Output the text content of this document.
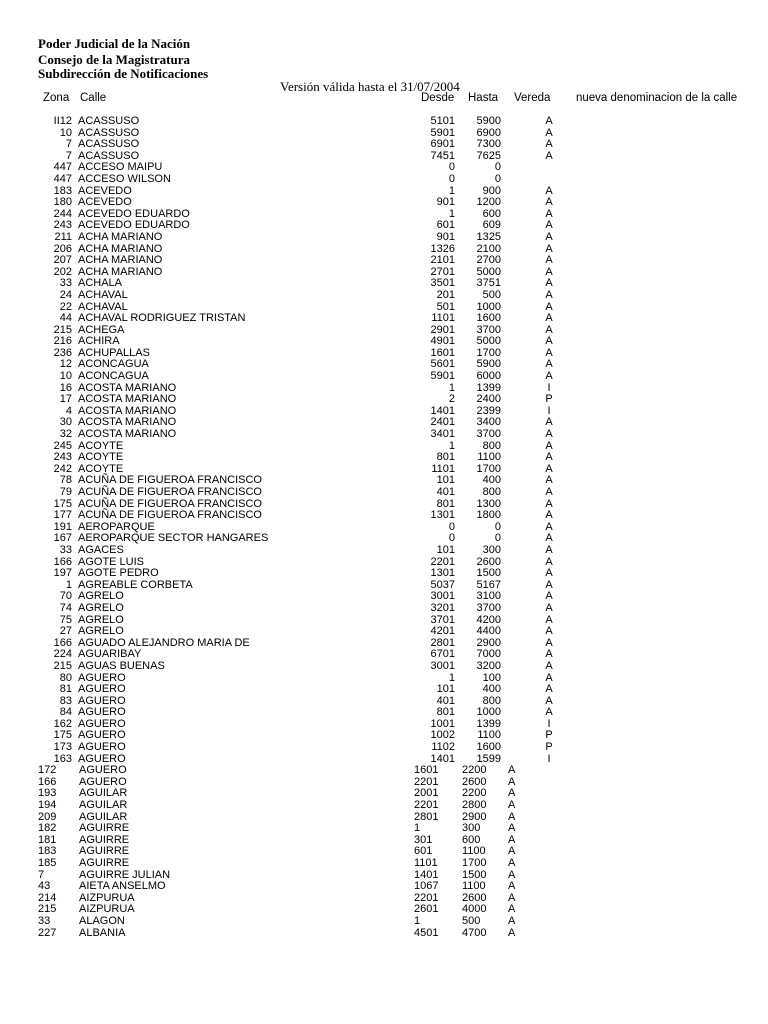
Poder Judicial de la Nación
Consejo de la Magistratura
Subdirección de Notificaciones
Versión válida hasta el 31/07/2004
Zona Calle	Desde Hasta Vereda nueva denominacion de la calle
II12 ACASSUSO	5101 5900	A
10 ACASSUSO	5901 6900	A
7 ACASSUSO	6901 7300	A
7 ACASSUSO	7451 7625	A
447 ACCESO MAIPU	0	0
447 ACCESO WILSON	0	0
183 ACEVEDO	1	900	A
180 ACEVEDO	901 1200	A
244 ACEVEDO EDUARDO	1	600	A
243 ACEVEDO EDUARDO	601	609	A
211 ACHA MARIANO	901 1325	A
206 ACHA MARIANO	1326 2100	A
207 ACHA MARIANO	2101 2700	A
202 ACHA MARIANO	2701 5000	A
33 ACHALA	3501 3751	A
24 ACHAVAL	201	500	A
22 ACHAVAL	501 1000	A
44 ACHAVAL RODRIGUEZ TRISTAN	1101 1600	A
215 ACHEGA	2901 3700	A
216 ACHIRA	4901 5000	A
236 ACHUPALLAS	1601 1700	A
12 ACONCAGUA	5601 5900	A
10 ACONCAGUA	5901 6000	A
16 ACOSTA MARIANO	1 1399	I
17 ACOSTA MARIANO	2 2400	P
4 ACOSTA MARIANO	1401 2399	I
30 ACOSTA MARIANO	2401 3400	A
32 ACOSTA MARIANO	3401 3700	A
245 ACOYTE	1	800	A
243 ACOYTE	801 1100	A
242 ACOYTE	1101 1700	A
78 ACUÑA DE FIGUEROA FRANCISCO	101	400	A
79 ACUÑA DE FIGUEROA FRANCISCO	401	800	A
175 ACUÑA DE FIGUEROA FRANCISCO	801 1300	A
177 ACUÑA DE FIGUEROA FRANCISCO	1301 1800	A
191 AEROPARQUE	0	0	A
167 AEROPARQUE SECTOR HANGARES	0	0	A
33 AGACES	101	300	A
166 AGOTE LUIS	2201 2600	A
197 AGOTE PEDRO	1301 1500	A
1 AGREABLE CORBETA	5037 5167	A
70 AGRELO	3001 3100	A
74 AGRELO	3201 3700	A
75 AGRELO	3701 4200	A
27 AGRELO	4201 4400	A
166 AGUADO ALEJANDRO MARIA DE	2801 2900	A
224 AGUARIBAY	6701 7000	A
215 AGUAS BUENAS	3001 3200	A
80 AGUERO	1	100	A
81 AGUERO	101	400	A
83 AGUERO	401	800	A
84 AGUERO	801 1000	A
162 AGUERO	1001 1399	I
175 AGUERO	1002 1100	P
173 AGUERO	1102 1600	P
163 AGUERO	1401 1599	I
172 AGUERO	1601 2200 A
166 AGUERO	2201 2600 A
193 AGUILAR	2001 2200 A
194 AGUILAR	2201 2800 A
209 AGUILAR	2801 2900 A
182 AGUIRRE	1	300	A
181 AGUIRRE	301	600	A
183 AGUIRRE	601	1100 A
185 AGUIRRE	1101 1700 A
7	AGUIRRE JULIAN	1401 1500 A
43	AIETA ANSELMO	1067 1100 A
214 AIZPURUA	2201 2600 A
215 AIZPURUA	2601 4000 A
33	ALAGON	1	500	A
227 ALBANIA	4501 4700 A
